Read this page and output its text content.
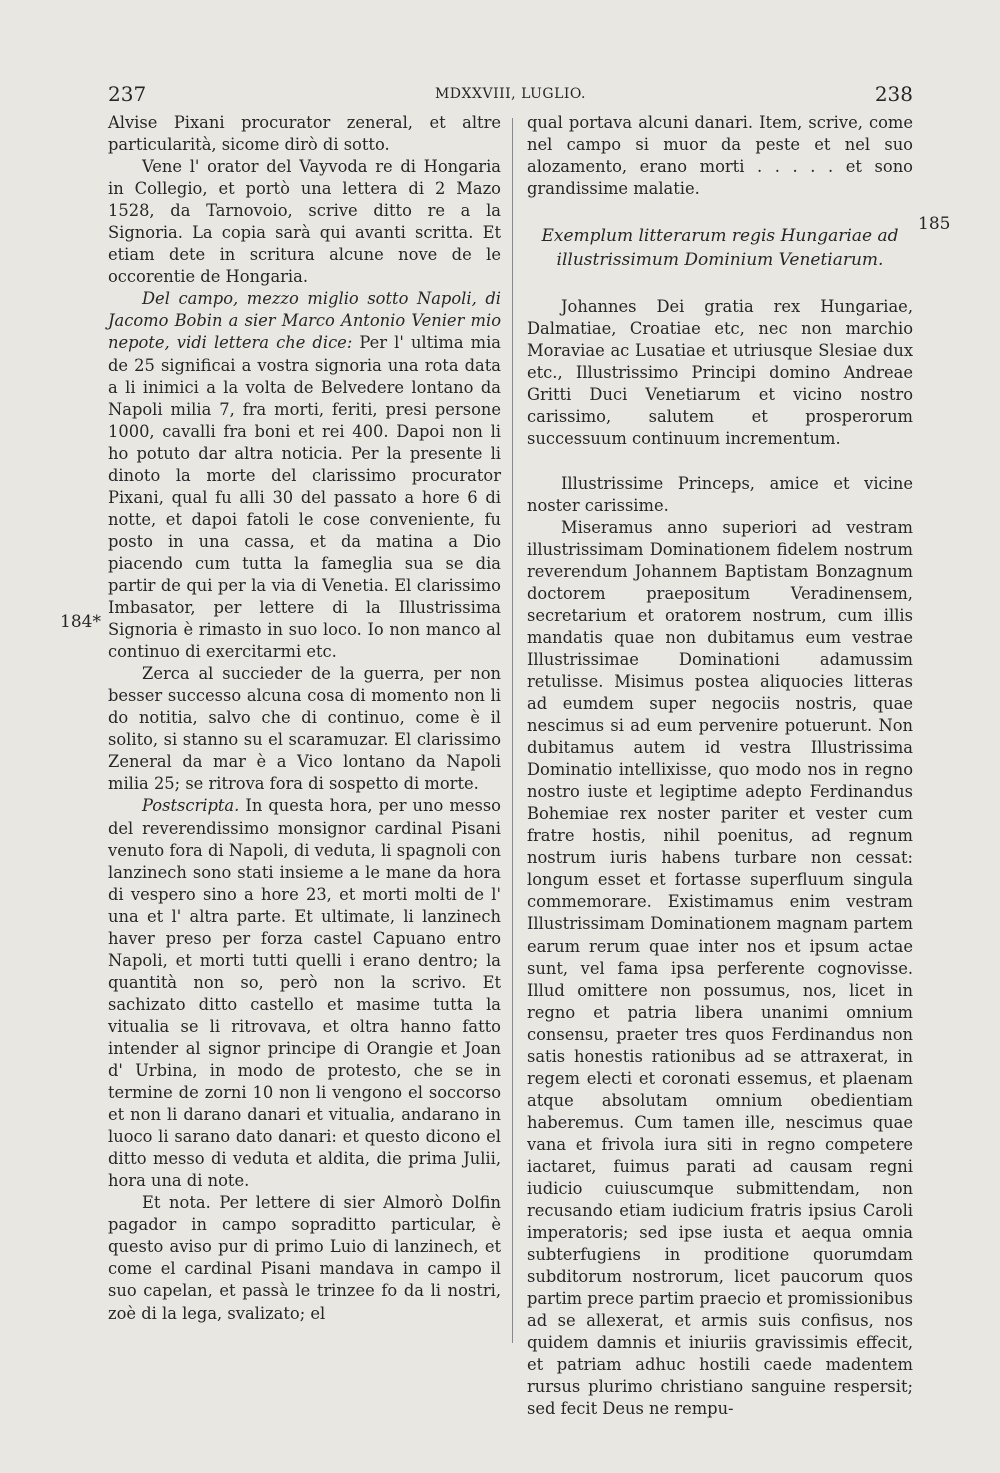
237	MDXXVIII, LUGLIO.	238
184*
185

Alvise Pixani procurator zeneral, et altre particularità, sicome dirò di sotto.

Vene l' orator del Vayvoda re di Hongaria in Collegio, et portò una lettera di 2 Mazo 1528, da Tarnovoio, scrive ditto re a la Signoria. La copia sarà qui avanti scritta. Et etiam dete in scritura alcune nove de le occorentie de Hongaria.

Del campo, mezzo miglio sotto Napoli, di Jacomo Bobin a sier Marco Antonio Venier mio nepote, vidi lettera che dice: Per l' ultima mia de 25 significai a vostra signoria una rota data a li inimici a la volta de Belvedere lontano da Napoli milia 7, fra morti, feriti, presi persone 1000, cavalli fra boni et rei 400. Dapoi non li ho potuto dar altra noticia. Per la presente li dinoto la morte del clarissimo procurator Pixani, qual fu alli 30 del passato a hore 6 di notte, et dapoi fatoli le cose conveniente, fu posto in una cassa, et da matina a Dio piacendo cum tutta la fameglia sua se dia partir de qui per la via di Venetia. El clarissimo Imbasator, per lettere di la Illustrissima Signoria è rimasto in suo loco. Io non manco al continuo di exercitarmi etc.

Zerca al succieder de la guerra, per non besser successo alcuna cosa di momento non li do notitia, salvo che di continuo, come è il solito, si stanno su el scaramuzar. El clarissimo Zeneral da mar è a Vico lontano da Napoli milia 25; se ritrova fora di sospetto di morte.

Postscripta. In questa hora, per uno messo del reverendissimo monsignor cardinal Pisani venuto fora di Napoli, di veduta, li spagnoli con lanzinech sono stati insieme a le mane da hora di vespero sino a hore 23, et morti molti de l' una et l' altra parte. Et ultimate, li lanzinech haver preso per forza castel Capuano entro Napoli, et morti tutti quelli i erano dentro; la quantità non so, però non la scrivo. Et sachizato ditto castello et masime tutta la vitualia se li ritrovava, et oltra hanno fatto intender al signor principe di Orangie et Joan d' Urbina, in modo de protesto, che se in termine de zorni 10 non li vengono el soccorso et non li darano danari et vitualia, andarano in luoco li sarano dato danari: et questo dicono el ditto messo di veduta et aldita, die prima Julii, hora una di note.

Et nota. Per lettere di sier Almorò Dolfin pagador in campo sopraditto particular, è questo aviso pur di primo Luio di lanzinech, et come el cardinal Pisani mandava in campo il suo capelan, et passà le trinzee fo da li nostri, zoè di la lega, svalizato; el

qual portava alcuni danari. Item, scrive, come nel campo si muor da peste et nel suo alozamento, erano morti . . . . . et sono grandissime malatie.

Exemplum litterarum regis Hungariae ad illustrissimum Dominium Venetiarum.

Johannes Dei gratia rex Hungariae, Dalmatiae, Croatiae etc, nec non marchio Moraviae ac Lusatiae et utriusque Slesiae dux etc., Illustrissimo Principi domino Andreae Gritti Duci Venetiarum et vicino nostro carissimo, salutem et prosperorum successuum continuum incrementum.

Illustrissime Princeps, amice et vicine noster carissime.

Miseramus anno superiori ad vestram illustrissimam Dominationem fidelem nostrum reverendum Johannem Baptistam Bonzagnum doctorem praepositum Veradinensem, secretarium et oratorem nostrum, cum illis mandatis quae non dubitamus eum vestrae Illustrissimae Dominationi adamussim retulisse. Misimus postea aliquocies litteras ad eumdem super negociis nostris, quae nescimus si ad eum pervenire potuerunt. Non dubitamus autem id vestra Illustrissima Dominatio intellixisse, quo modo nos in regno nostro iuste et legiptime adepto Ferdinandus Bohemiae rex noster pariter et vester cum fratre hostis, nihil poenitus, ad regnum nostrum iuris habens turbare non cessat: longum esset et fortasse superfluum singula commemorare. Existimamus enim vestram Illustrissimam Dominationem magnam partem earum rerum quae inter nos et ipsum actae sunt, vel fama ipsa perferente cognovisse. Illud omittere non possumus, nos, licet in regno et patria libera unanimi omnium consensu, praeter tres quos Ferdinandus non satis honestis rationibus ad se attraxerat, in regem electi et coronati essemus, et plaenam atque absolutam omnium obedientiam haberemus. Cum tamen ille, nescimus quae vana et frivola iura siti in regno competere iactaret, fuimus parati ad causam regni iudicio cuiuscumque submittendam, non recusando etiam iudicium fratris ipsius Caroli imperatoris; sed ipse iusta et aequa omnia subterfugiens in proditione quorumdam subditorum nostrorum, licet paucorum quos partim prece partim praecio et promissionibus ad se allexerat, et armis suis confisus, nos quidem damnis et iniuriis gravissimis effecit, et patriam adhuc hostili caede madentem rursus plurimo christiano sanguine respersit; sed fecit Deus ne rempu-
